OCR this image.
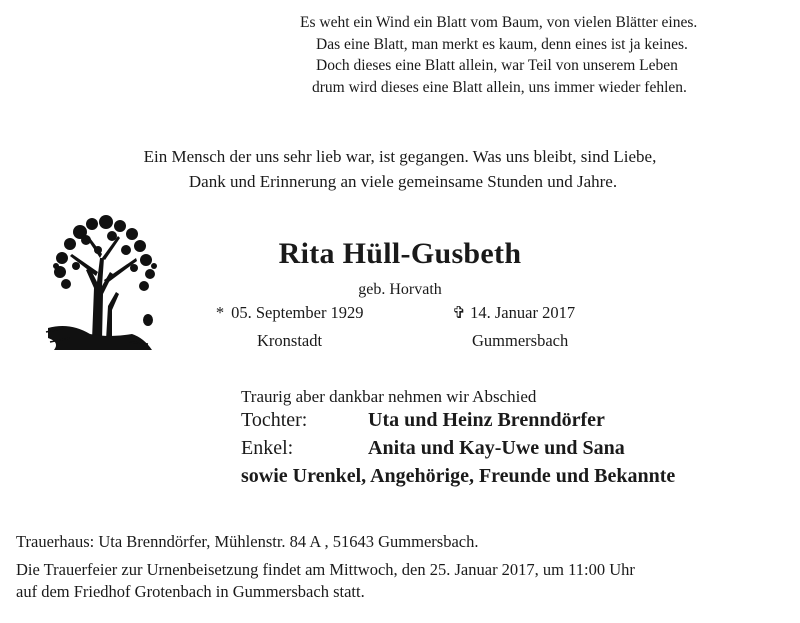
Es weht ein Wind ein Blatt vom Baum, von vielen Blätter eines.
Das eine Blatt, man merkt es kaum, denn eines ist ja keines.
Doch dieses eine Blatt allein, war Teil von unserem Leben
drum wird dieses eine Blatt allein, uns immer wieder fehlen.
Ein Mensch der uns sehr lieb war, ist gegangen. Was uns bleibt, sind Liebe,
Dank und Erinnerung an viele gemeinsame Stunden und Jahre.
Rita Hüll-Gusbeth
geb. Horvath
* 05. September 1929	✞ 14. Januar 2017
Kronstadt	Gummersbach
Traurig aber dankbar nehmen wir Abschied
Tochter:	Uta und Heinz Brenndörfer
Enkel:	Anita und Kay-Uwe und Sana
sowie Urenkel, Angehörige, Freunde und Bekannte
Trauerhaus: Uta Brenndörfer, Mühlenstr. 84 A , 51643 Gummersbach.
Die Trauerfeier zur Urnenbeisetzung findet am Mittwoch, den 25. Januar 2017, um 11:00 Uhr
auf dem Friedhof Grotenbach in Gummersbach statt.
